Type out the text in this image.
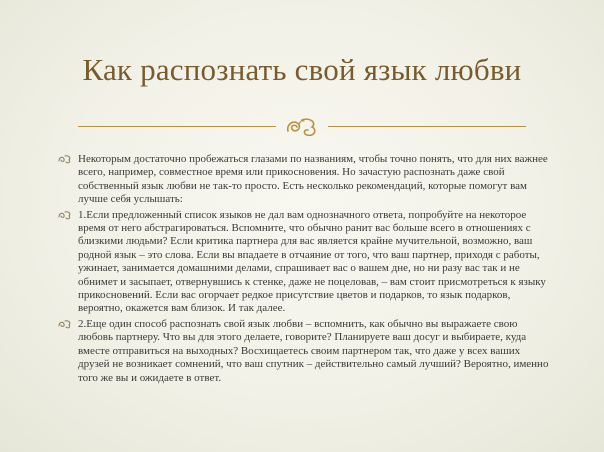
Как распознать свой язык любви
Некоторым достаточно пробежаться глазами по названиям, чтобы точно понять, что для них важнее всего, например, совместное время или прикосновения. Но зачастую распознать даже свой собственный язык любви не так-то просто. Есть несколько рекомендаций, которые помогут вам лучше себя услышать:
1.Если предложенный список языков не дал вам однозначного ответа, попробуйте на некоторое время от него абстрагироваться. Вспомните, что обычно ранит вас больше всего в отношениях с близкими людьми? Если критика партнера для вас является крайне мучительной, возможно, ваш родной язык – это слова. Если вы впадаете в отчаяние от того, что ваш партнер, приходя с работы, ужинает, занимается домашними делами, спрашивает вас о вашем дне, но ни разу вас так и не обнимет и засыпает, отвернувшись к стенке, даже не поцеловав, – вам стоит присмотреться к языку прикосновений. Если вас огорчает редкое присутствие цветов и подарков, то язык подарков, вероятно, окажется вам близок. И так далее.
2.Еще один способ распознать свой язык любви – вспомнить, как обычно вы выражаете свою любовь партнеру. Что вы для этого делаете, говорите? Планируете ваш досуг и выбираете, куда вместе отправиться на выходных? Восхищаетесь своим партнером так, что даже у всех ваших друзей не возникает сомнений, что ваш спутник – действительно самый лучший? Вероятно, именно того же вы и ожидаете в ответ.
